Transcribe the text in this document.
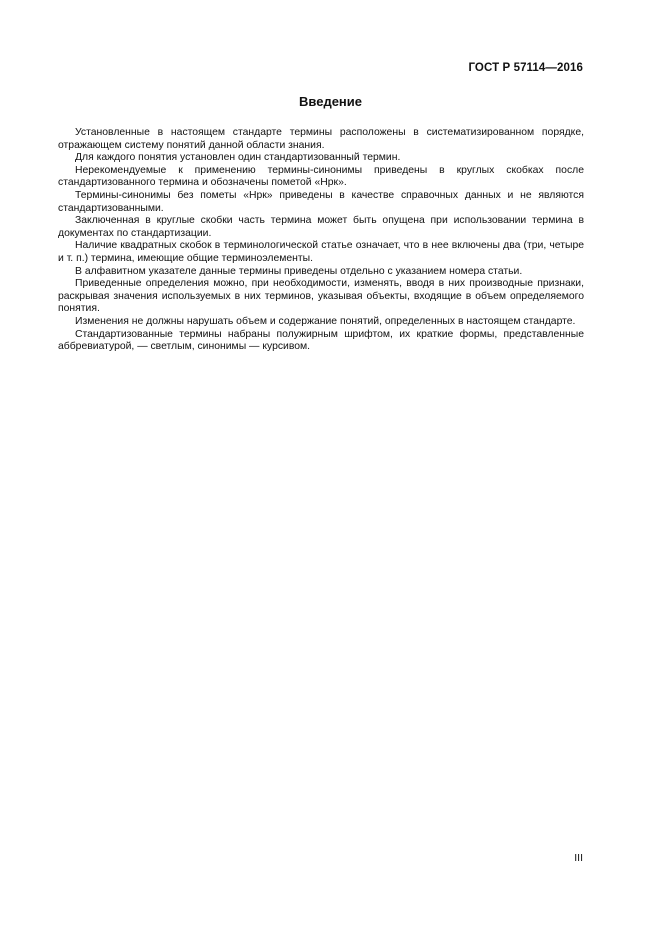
ГОСТ Р 57114—2016
Введение

Установленные в настоящем стандарте термины расположены в систематизированном порядке, отражающем систему понятий данной области знания.

Для каждого понятия установлен один стандартизованный термин.

Нерекомендуемые к применению термины-синонимы приведены в круглых скобках после стандартизованного термина и обозначены пометой «Нрк».

Термины-синонимы без пометы «Нрк» приведены в качестве справочных данных и не являются стандартизованными.

Заключенная в круглые скобки часть термина может быть опущена при использовании термина в документах по стандартизации.

Наличие квадратных скобок в терминологической статье означает, что в нее включены два (три, четыре и т. п.) термина, имеющие общие терминоэлементы.

В алфавитном указателе данные термины приведены отдельно с указанием номера статьи.

Приведенные определения можно, при необходимости, изменять, вводя в них производные признаки, раскрывая значения используемых в них терминов, указывая объекты, входящие в объем определяемого понятия.

Изменения не должны нарушать объем и содержание понятий, определенных в настоящем стандарте.

Стандартизованные термины набраны полужирным шрифтом, их краткие формы, представленные аббревиатурой, — светлым, синонимы — курсивом.

III
